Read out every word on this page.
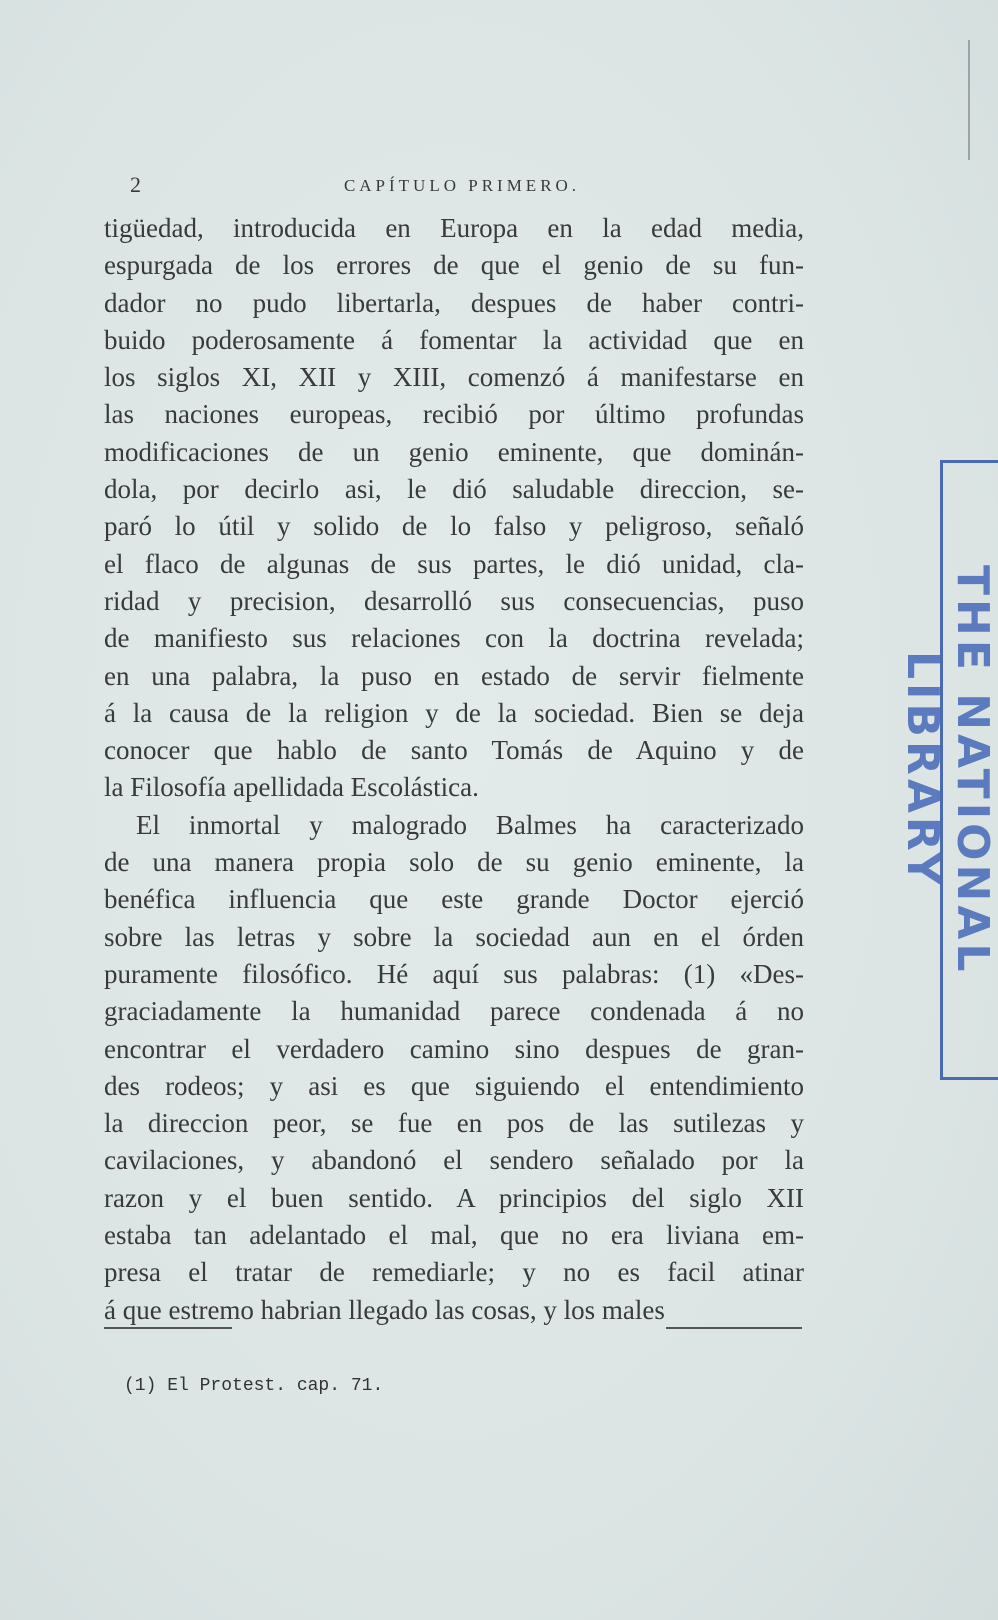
2	CAPÍTULO PRIMERO.
tigüedad, introducida en Europa en la edad media,
espurgada de los errores de que el genio de su fun-
dador no pudo libertarla, despues de haber contri-
buido poderosamente á fomentar la actividad que en
los siglos XI, XII y XIII, comenzó á manifestarse en
las naciones europeas, recibió por último profundas
modificaciones de un genio eminente, que dominán-
dola, por decirlo asi, le dió saludable direccion, se-
paró lo útil y solido de lo falso y peligroso, señaló
el flaco de algunas de sus partes, le dió unidad, cla-
ridad y precision, desarrolló sus consecuencias, puso
de manifiesto sus relaciones con la doctrina revelada;
en una palabra, la puso en estado de servir fielmente
á la causa de la religion y de la sociedad. Bien se deja
conocer que hablo de santo Tomás de Aquino y de
la Filosofía apellidada Escolástica.
El inmortal y malogrado Balmes ha caracterizado
de una manera propia solo de su genio eminente, la
benéfica influencia que este grande Doctor ejerció
sobre las letras y sobre la sociedad aun en el órden
puramente filosófico. Hé aquí sus palabras: (1) «Des-
graciadamente la humanidad parece condenada á no
encontrar el verdadero camino sino despues de gran-
des rodeos; y asi es que siguiendo el entendimiento
la direccion peor, se fue en pos de las sutilezas y
cavilaciones, y abandonó el sendero señalado por la
razon y el buen sentido. A principios del siglo XII
estaba tan adelantado el mal, que no era liviana em-
presa el tratar de remediarle; y no es facil atinar
á que estremo habrian llegado las cosas, y los males
(1) El Protest. cap. 71.
THE NATIONAL LIBRARY
